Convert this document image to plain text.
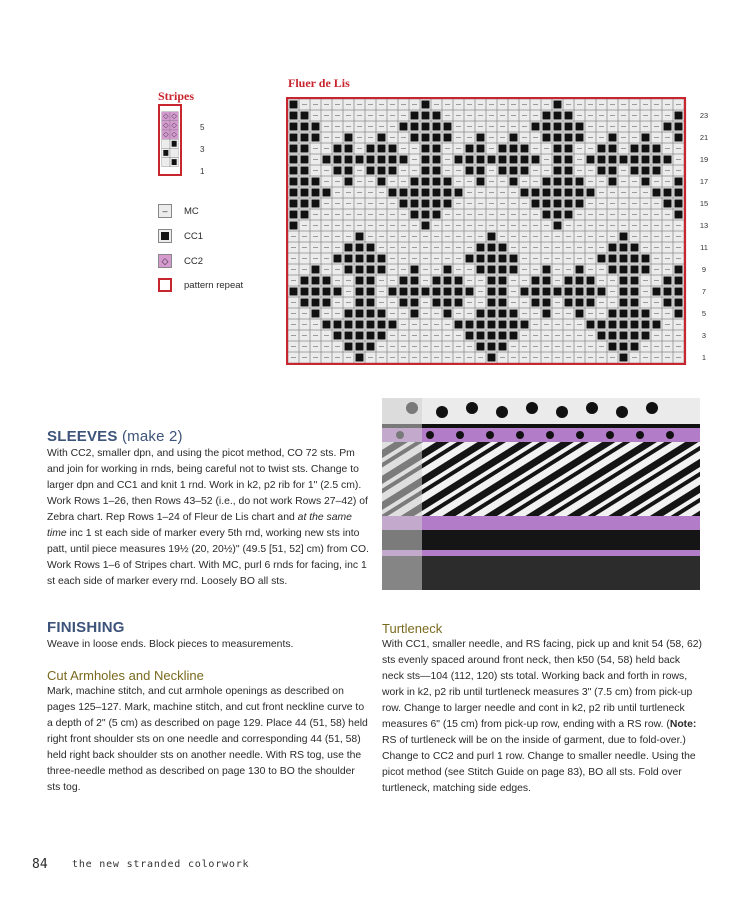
Stripes
5
3
1
–	MC
CC1
◇	CC2
pattern repeat
Fluer de Lis
23
21
19
17
15
13
11
9
7
5
3
1
SLEEVES (make 2)

With CC2, smaller dpn, and using the picot method, CO 72 sts. Pm and join for working in rnds, being careful not to twist sts. Change to larger dpn and CC1 and knit 1 rnd. Work in k2, p2 rib for 1" (2.5 cm). Work Rows 1–26, then Rows 43–52 (i.e., do not work Rows 27–42) of Zebra chart. Rep Rows 1–24 of Fleur de Lis chart and at the same time inc 1 st each side of marker every 5th rnd, working new sts into patt, until piece measures 19½ (20, 20½)" (49.5 [51, 52] cm) from CO. Work Rows 1–6 of Stripes chart. With MC, purl 6 rnds for facing, inc 1 st each side of marker every rnd. Loosely BO all sts.

FINISHING
Weave in loose ends. Block pieces to measurements.
Cut Armholes and Neckline
Mark, machine stitch, and cut armhole openings as described on pages 125–127. Mark, machine stitch, and cut front neckline curve to a depth of 2" (5 cm) as described on page 129. Place 44 (51, 58) held right front shoulder sts on one needle and corresponding 44 (51, 58) held right back shoulder sts on another needle. With RS tog, use the three-needle method as described on page 130 to BO the shoulder sts tog.
Turtleneck

With CC1, smaller needle, and RS facing, pick up and knit 54 (58, 62) sts evenly spaced around front neck, then k50 (54, 58) held back neck sts—104 (112, 120) sts total. Working back and forth in rows, work in k2, p2 rib until turtleneck measures 3" (7.5 cm) from pick-up row. Change to larger needle and cont in k2, p2 rib until turtleneck measures 6" (15 cm) from pick-up row, ending with a RS row. (Note: RS of turtleneck will be on the inside of garment, due to fold-over.) Change to CC2 and purl 1 row. Change to smaller needle. Using the picot method (see Stitch Guide on page 83), BO all sts. Fold over turtleneck, matching side edges.

84 the new stranded colorwork
